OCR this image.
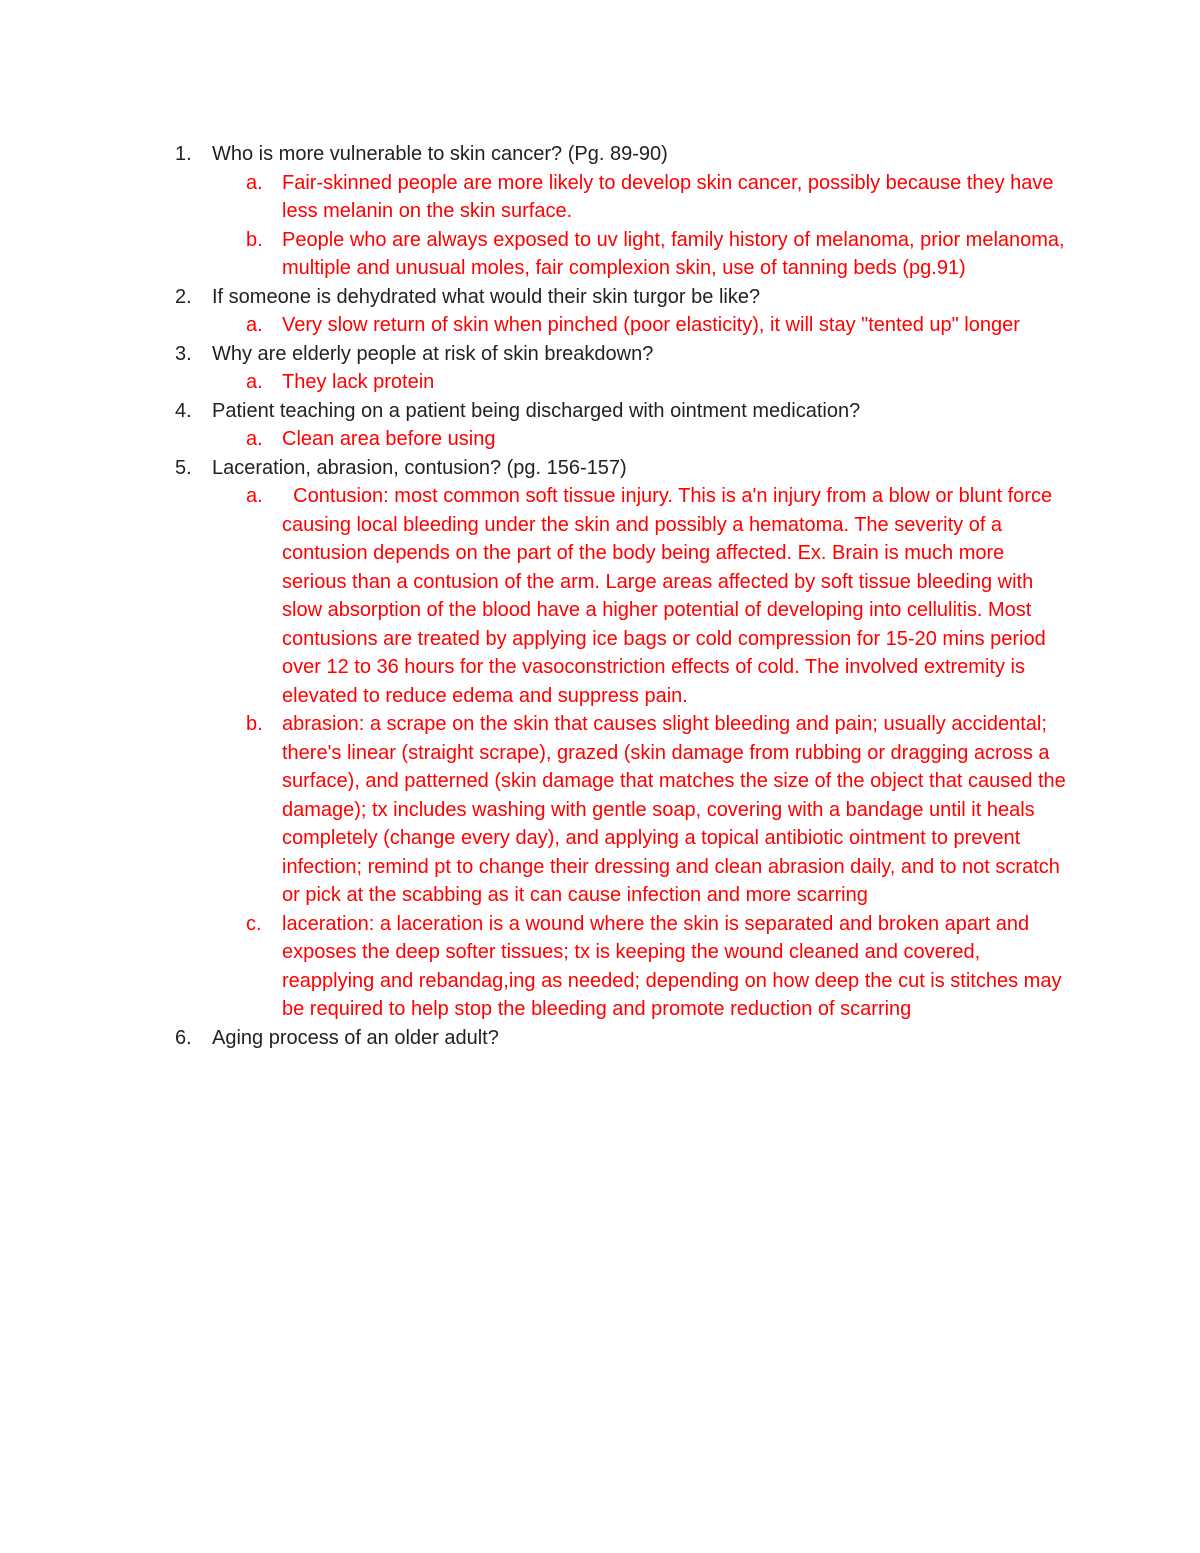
1.	Who is more vulnerable to skin cancer? (Pg. 89-90)
a. Fair-skinned people are more likely to develop skin cancer, possibly because they have less melanin on the skin surface.
b. People who are always exposed to uv light, family history of melanoma, prior melanoma, multiple and unusual moles, fair complexion skin, use of tanning beds (pg.91)
2.	If someone is dehydrated what would their skin turgor be like?
a. Very slow return of skin when pinched (poor elasticity), it will stay "tented up" longer
3.	Why are elderly people at risk of skin breakdown?
a. They lack protein
4.	Patient teaching on a patient being discharged with ointment medication?
a. Clean area before using
5.	Laceration, abrasion, contusion? (pg. 156-157)
a. Contusion: most common soft tissue injury. This is a'n injury from a blow or blunt force causing local bleeding under the skin and possibly a hematoma. The severity of a contusion depends on the part of the body being affected. Ex. Brain is much more serious than a contusion of the arm. Large areas affected by soft tissue bleeding with slow absorption of the blood have a higher potential of developing into cellulitis. Most contusions are treated by applying ice bags or cold compression for 15-20 mins period over 12 to 36 hours for the vasoconstriction effects of cold. The involved extremity is elevated to reduce edema and suppress pain.
b. abrasion: a scrape on the skin that causes slight bleeding and pain; usually accidental; there's linear (straight scrape), grazed (skin damage from rubbing or dragging across a surface), and patterned (skin damage that matches the size of the object that caused the damage); tx includes washing with gentle soap, covering with a bandage until it heals completely (change every day), and applying a topical antibiotic ointment to prevent infection; remind pt to change their dressing and clean abrasion daily, and to not scratch or pick at the scabbing as it can cause infection and more scarring
c.	laceration: a laceration is a wound where the skin is separated and broken apart and exposes the deep softer tissues; tx is keeping the wound cleaned and covered, reapplying and rebandag,ing as needed; depending on how deep the cut is stitches may be required to help stop the bleeding and promote reduction of scarring
6.	Aging process of an older adult?
